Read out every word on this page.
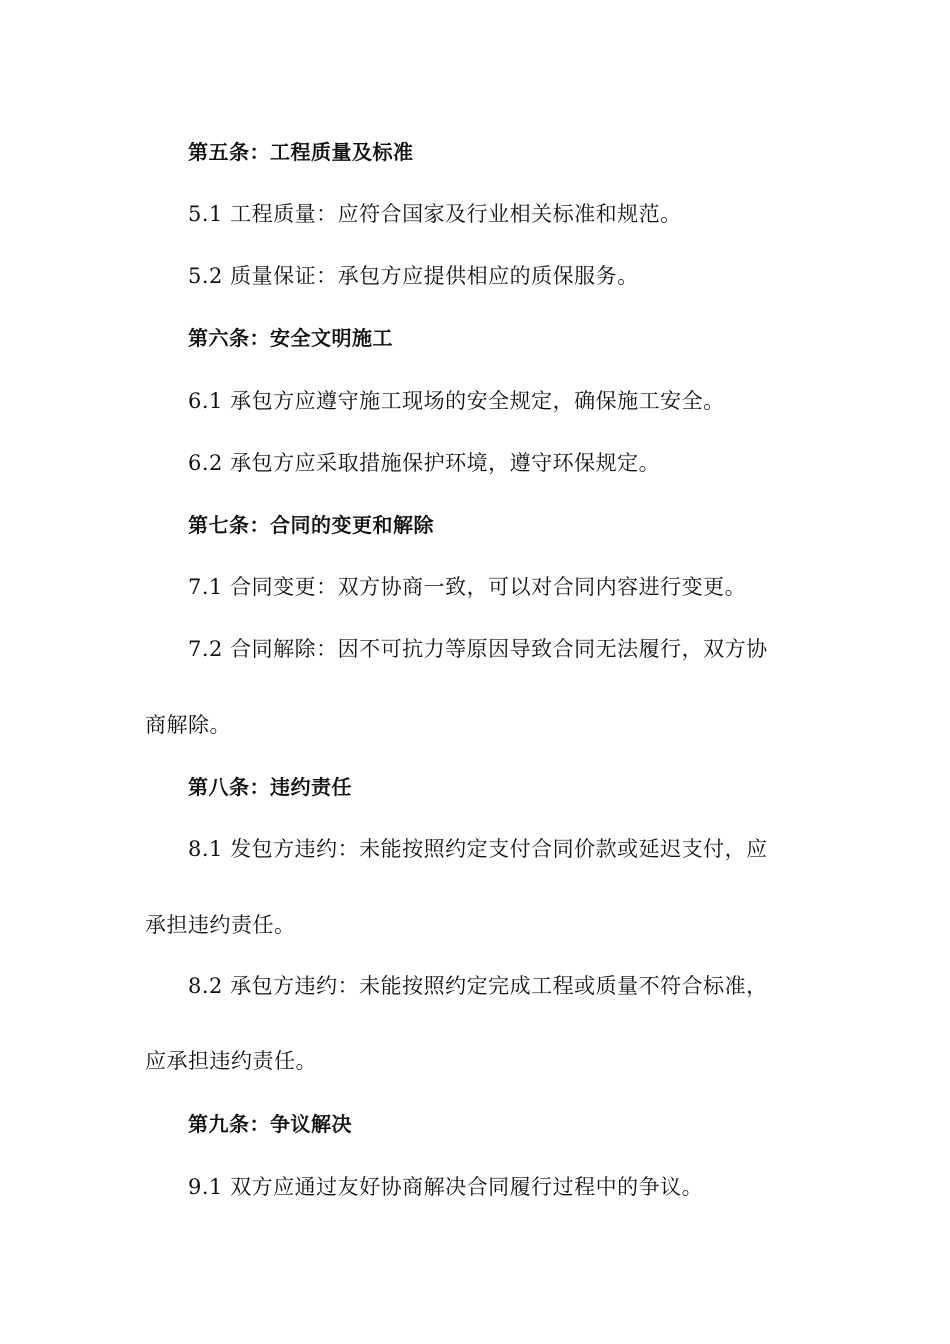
第五条：工程质量及标准
5.1 工程质量：应符合国家及行业相关标准和规范。
5.2 质量保证：承包方应提供相应的质保服务。
第六条：安全文明施工
6.1 承包方应遵守施工现场的安全规定，确保施工安全。
6.2 承包方应采取措施保护环境，遵守环保规定。
第七条：合同的变更和解除
7.1 合同变更：双方协商一致，可以对合同内容进行变更。
7.2 合同解除：因不可抗力等原因导致合同无法履行，双方协
商解除。
第八条：违约责任
8.1 发包方违约：未能按照约定支付合同价款或延迟支付，应
承担违约责任。
8.2 承包方违约：未能按照约定完成工程或质量不符合标准，
应承担违约责任。
第九条：争议解决
9.1 双方应通过友好协商解决合同履行过程中的争议。
